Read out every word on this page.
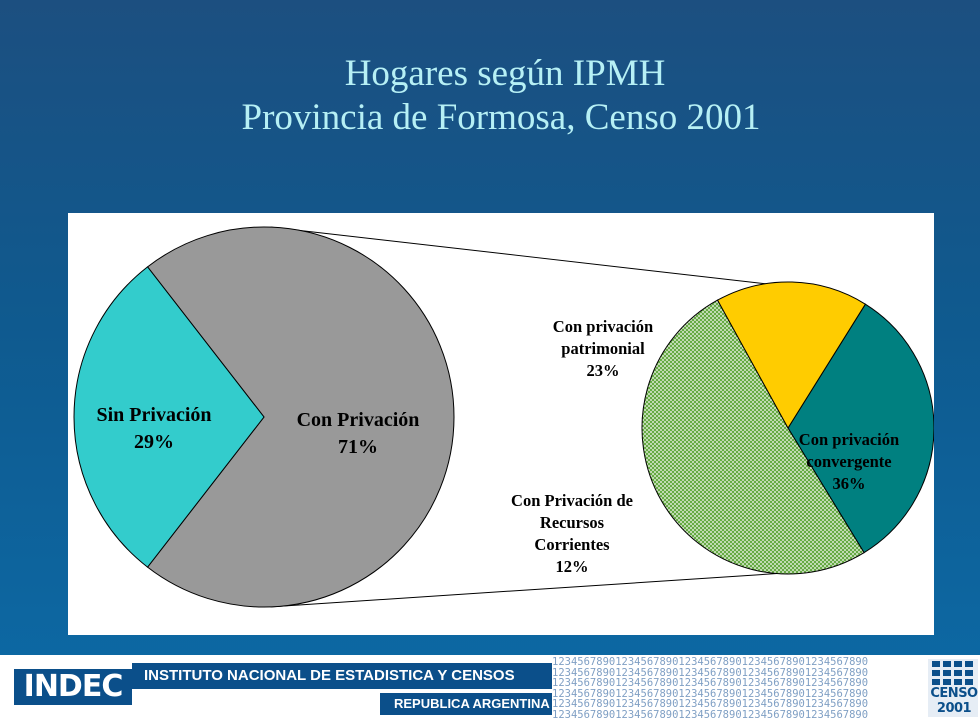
Hogares según IPMH
Provincia de Formosa, Censo 2001
Sin Privación
29%
Con Privación
71%
Con privación
patrimonial
23%
Con privación
convergente
36%
Con Privación de
Recursos
Corrientes
12%
INDEC	INSTITUTO NACIONAL DE ESTADISTICA Y CENSOS
REPUBLICA ARGENTINA
12345678901234567890123456789012345678901234567890
12345678901234567890123456789012345678901234567890
12345678901234567890123456789012345678901234567890
12345678901234567890123456789012345678901234567890
12345678901234567890123456789012345678901234567890
12345678901234567890123456789012345678901234567890
CENSO
2001
